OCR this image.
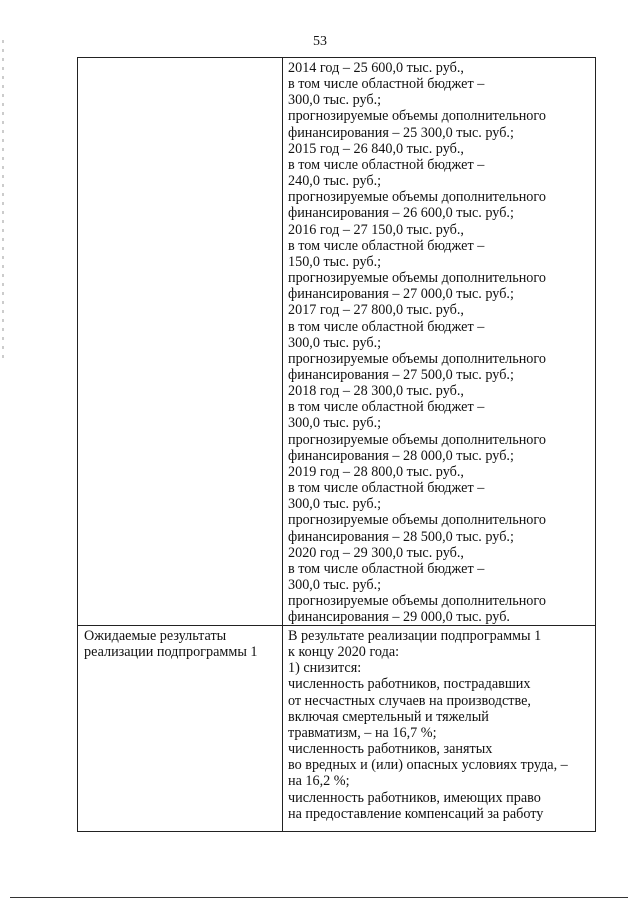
53
2014 год – 25 600,0 тыс. руб.,
в том числе областной бюджет –
300,0 тыс. руб.;
прогнозируемые объемы дополнительного
финансирования – 25 300,0 тыс. руб.;
2015 год – 26 840,0 тыс. руб.,
в том числе областной бюджет –
240,0 тыс. руб.;
прогнозируемые объемы дополнительного
финансирования – 26 600,0 тыс. руб.;
2016 год – 27 150,0 тыс. руб.,
в том числе областной бюджет –
150,0 тыс. руб.;
прогнозируемые объемы дополнительного
финансирования – 27 000,0 тыс. руб.;
2017 год – 27 800,0 тыс. руб.,
в том числе областной бюджет –
300,0 тыс. руб.;
прогнозируемые объемы дополнительного
финансирования – 27 500,0 тыс. руб.;
2018 год – 28 300,0 тыс. руб.,
в том числе областной бюджет –
300,0 тыс. руб.;
прогнозируемые объемы дополнительного
финансирования – 28 000,0 тыс. руб.;
2019 год – 28 800,0 тыс. руб.,
в том числе областной бюджет –
300,0 тыс. руб.;
прогнозируемые объемы дополнительного
финансирования – 28 500,0 тыс. руб.;
2020 год – 29 300,0 тыс. руб.,
в том числе областной бюджет –
300,0 тыс. руб.;
прогнозируемые объемы дополнительного
финансирования – 29 000,0 тыс. руб.
Ожидаемые результаты
реализации подпрограммы 1
В результате реализации подпрограммы 1
к концу 2020 года:
1) снизится:
численность работников, пострадавших
от несчастных случаев на производстве,
включая смертельный и тяжелый
травматизм, – на 16,7 %;
численность работников, занятых
во вредных и (или) опасных условиях труда, –
на 16,2 %;
численность работников, имеющих право
на предоставление компенсаций за работу
